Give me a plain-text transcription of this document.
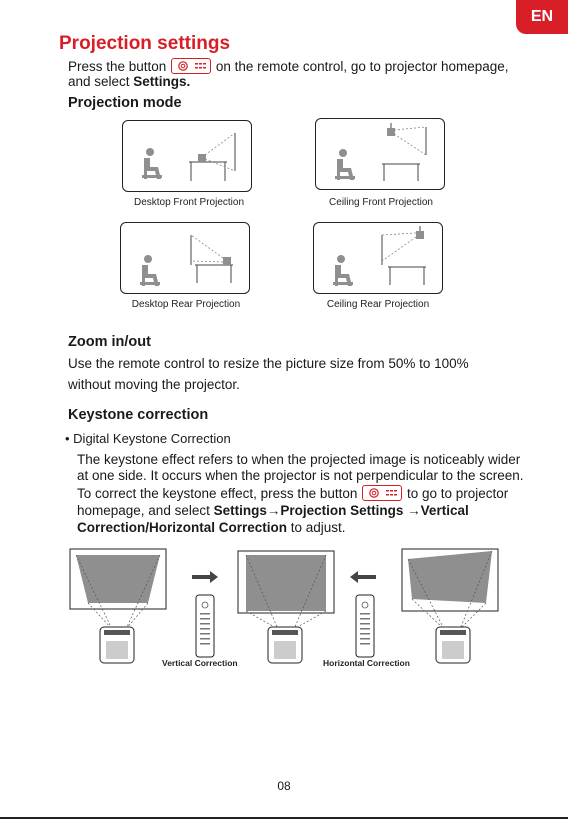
EN
Projection settings
Press the button	on the remote control, go to projector homepage,
and select Settings.
Projection mode
Desktop Front Projection	Ceiling Front Projection
Desktop Rear Projection	Ceiling Rear Projection
Zoom in/out
Use the remote control to resize the picture size from 50% to 100%
without moving the projector.
Keystone correction
• Digital Keystone Correction
The keystone effect refers to when the projected image is noticeably wider
at one side. It occurs when the projector is not perpendicular to the screen.
To correct the keystone effect, press the button	to go to projector
homepage, and select Settings→Projection Settings →Vertical
Correction/Horizontal Correction to adjust.
Vertical Correction	Horizontal Correction
08
